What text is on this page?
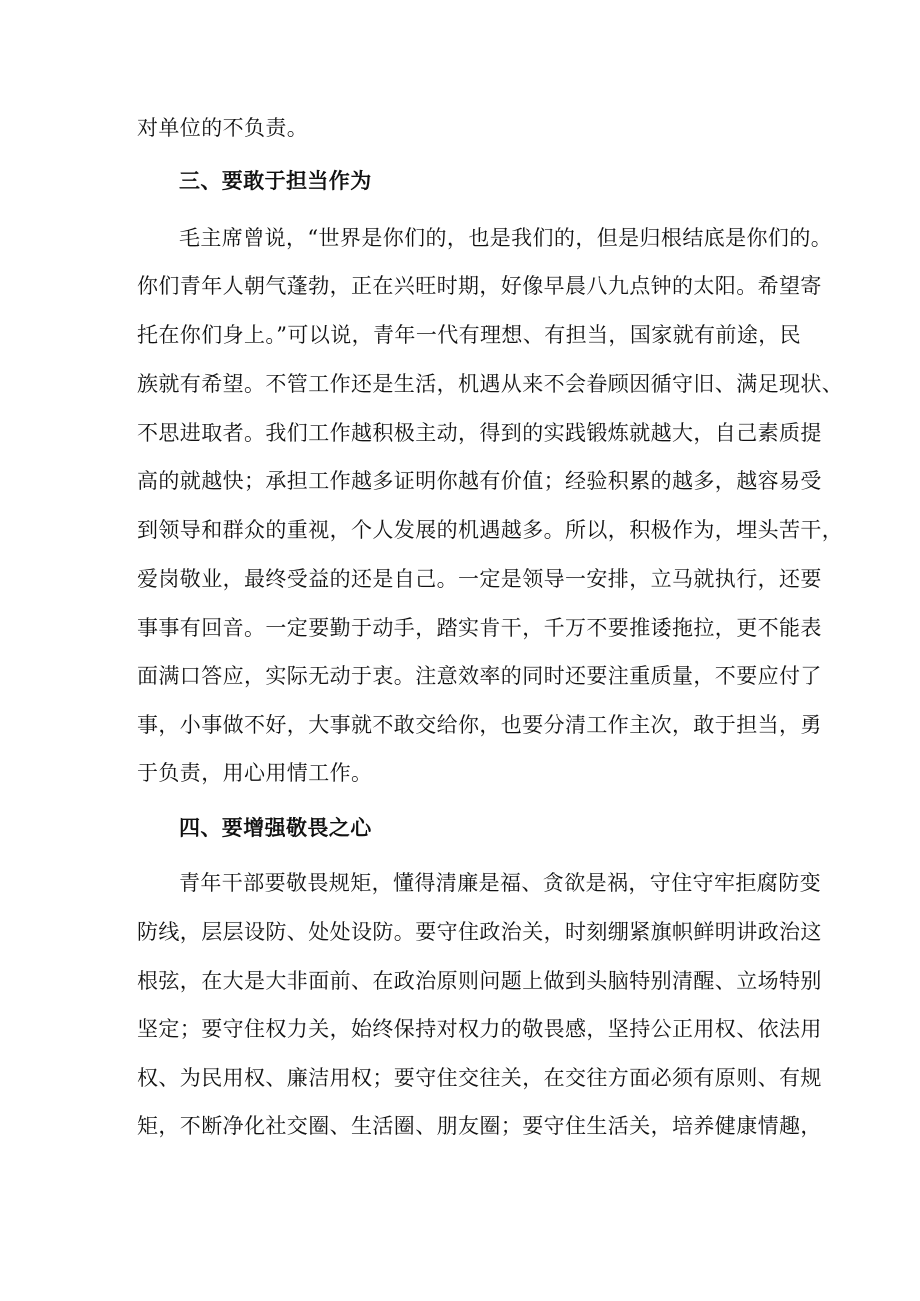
对单位的不负责。
三、要敢于担当作为
毛主席曾说，“世界是你们的，也是我们的，但是归根结底是你们的。
你们青年人朝气蓬勃，正在兴旺时期，好像早晨八九点钟的太阳。希望寄
托在你们身上。”可以说，青年一代有理想、有担当，国家就有前途，民
族就有希望。不管工作还是生活，机遇从来不会眷顾因循守旧、满足现状、
不思进取者。我们工作越积极主动，得到的实践锻炼就越大，自己素质提
高的就越快；承担工作越多证明你越有价值；经验积累的越多，越容易受
到领导和群众的重视，个人发展的机遇越多。所以，积极作为，埋头苦干，
爱岗敬业，最终受益的还是自己。一定是领导一安排，立马就执行，还要
事事有回音。一定要勤于动手，踏实肯干，千万不要推诿拖拉，更不能表
面满口答应，实际无动于衷。注意效率的同时还要注重质量，不要应付了
事，小事做不好，大事就不敢交给你，也要分清工作主次，敢于担当，勇
于负责，用心用情工作。
四、要增强敬畏之心
青年干部要敬畏规矩，懂得清廉是福、贪欲是祸，守住守牢拒腐防变
防线，层层设防、处处设防。要守住政治关，时刻绷紧旗帜鲜明讲政治这
根弦，在大是大非面前、在政治原则问题上做到头脑特别清醒、立场特别
坚定；要守住权力关，始终保持对权力的敬畏感，坚持公正用权、依法用
权、为民用权、廉洁用权；要守住交往关，在交往方面必须有原则、有规
矩，不断净化社交圈、生活圈、朋友圈；要守住生活关，培养健康情趣，
